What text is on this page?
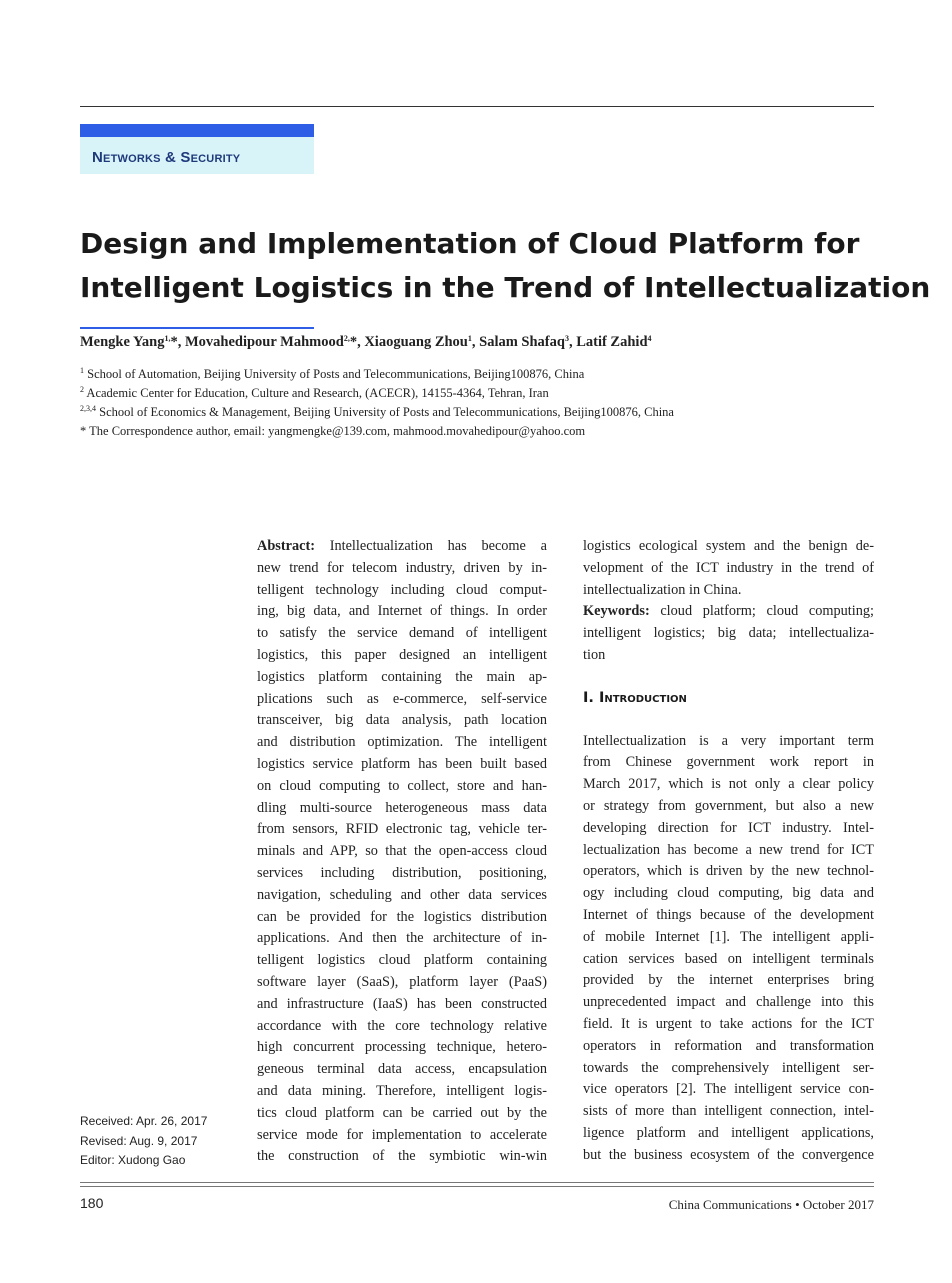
Networks & Security
Design and Implementation of Cloud Platform for
Intelligent Logistics in the Trend of Intellectualization
Mengke Yang$^{1,}$*, Movahedipour Mahmood$^{2,}$*, Xiaoguang Zhou$^1$, Salam Shafaq$^3$, Latif Zahid$^4$
$^1$ School of Automation, Beijing University of Posts and Telecommunications, Beijing100876, China
$^2$ Academic Center for Education, Culture and Research, (ACECR), 14155-4364, Tehran, Iran
$^{2,3,4}$ School of Economics & Management, Beijing University of Posts and Telecommunications, Beijing100876, China
* The Correspondence author, email: yangmengke@139.com, mahmood.movahedipour@yahoo.com
Abstract: Intellectualization has become a
new trend for telecom industry, driven by in-
telligent technology including cloud comput-
ing, big data, and Internet of things. In order
to satisfy the service demand of intelligent
logistics, this paper designed an intelligent
logistics platform containing the main ap-
plications such as e-commerce, self-service
transceiver, big data analysis, path location
and distribution optimization. The intelligent
logistics service platform has been built based
on cloud computing to collect, store and han-
dling multi-source heterogeneous mass data
from sensors, RFID electronic tag, vehicle ter-
minals and APP, so that the open-access cloud
services including distribution, positioning,
navigation, scheduling and other data services
can be provided for the logistics distribution
applications. And then the architecture of in-
telligent logistics cloud platform containing
software layer (SaaS), platform layer (PaaS)
and infrastructure (IaaS) has been constructed
accordance with the core technology relative
high concurrent processing technique, hetero-
geneous terminal data access, encapsulation
and data mining. Therefore, intelligent logis-
tics cloud platform can be carried out by the
service mode for implementation to accelerate
the construction of the symbiotic win-win
logistics ecological system and the benign de-
velopment of the ICT industry in the trend of
intellectualization in China.
Keywords: cloud platform; cloud computing;
intelligent logistics; big data; intellectualiza-
tion
I. Introduction
Intellectualization is a very important term
from Chinese government work report in
March 2017, which is not only a clear policy
or strategy from government, but also a new
developing direction for ICT industry. Intel-
lectualization has become a new trend for ICT
operators, which is driven by the new technol-
ogy including cloud computing, big data and
Internet of things because of the development
of mobile Internet [1]. The intelligent appli-
cation services based on intelligent terminals
provided by the internet enterprises bring
unprecedented impact and challenge into this
field. It is urgent to take actions for the ICT
operators in reformation and transformation
towards the comprehensively intelligent ser-
vice operators [2]. The intelligent service con-
sists of more than intelligent connection, intel-
ligence platform and intelligent applications,
but the business ecosystem of the convergence
Received: Apr. 26, 2017
Revised: Aug. 9, 2017
Editor: Xudong Gao
180	China Communications • October 2017
